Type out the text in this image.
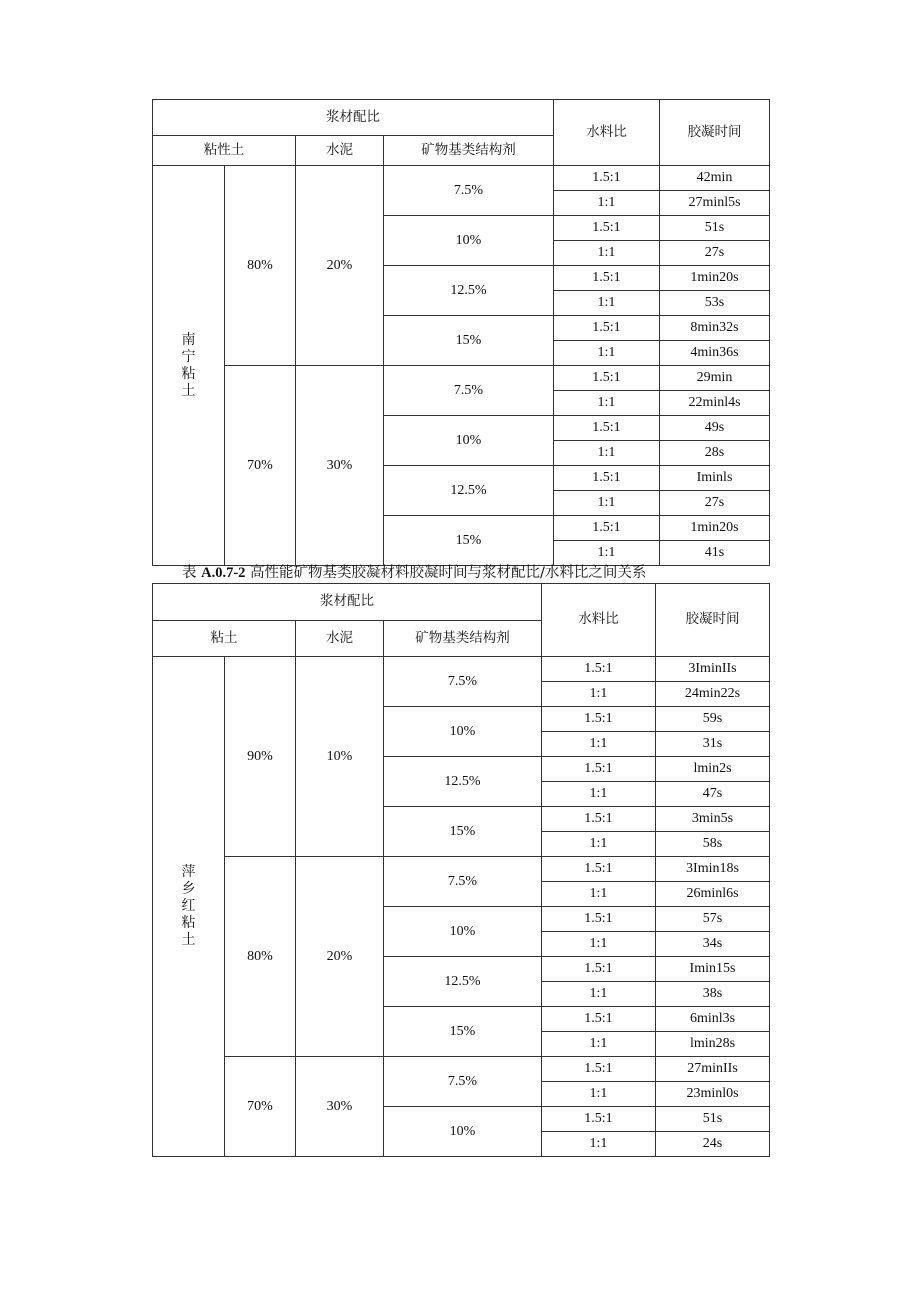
浆材配比				水料比	胶凝时间
粘性土		水泥	矿物基类结构剂		
南宁粘土	80%	20%	7.5%	1.5:1	42min
				1:1	27minl5s
			10%	1.5:1	51s
				1:1	27s
			12.5%	1.5:1	1min20s
				1:1	53s
			15%	1.5:1	8min32s
				1:1	4min36s
	70%	30%	7.5%	1.5:1	29min
				1:1	22minl4s
			10%	1.5:1	49s
				1:1	28s
			12.5%	1.5:1	Iminls
				1:1	27s
			15%	1.5:1	1min20s
				1:1	41s
表 A.0.7-2 高性能矿物基类胶凝材料胶凝时间与浆材配比/水料比之间关系
浆材配比				水料比	胶凝时间
粘土		水泥	矿物基类结构剂		
萍乡红粘土	90%	10%	7.5%	1.5:1	3IminIIs
				1:1	24min22s
			10%	1.5:1	59s
				1:1	31s
			12.5%	1.5:1	lmin2s
				1:1	47s
			15%	1.5:1	3min5s
				1:1	58s
	80%	20%	7.5%	1.5:1	3Imin18s
				1:1	26minl6s
			10%	1.5:1	57s
				1:1	34s
			12.5%	1.5:1	Imin15s
				1:1	38s
			15%	1.5:1	6minl3s
				1:1	lmin28s
	70%	30%	7.5%	1.5:1	27minIIs
				1:1	23minl0s
			10%	1.5:1	51s
				1:1	24s
